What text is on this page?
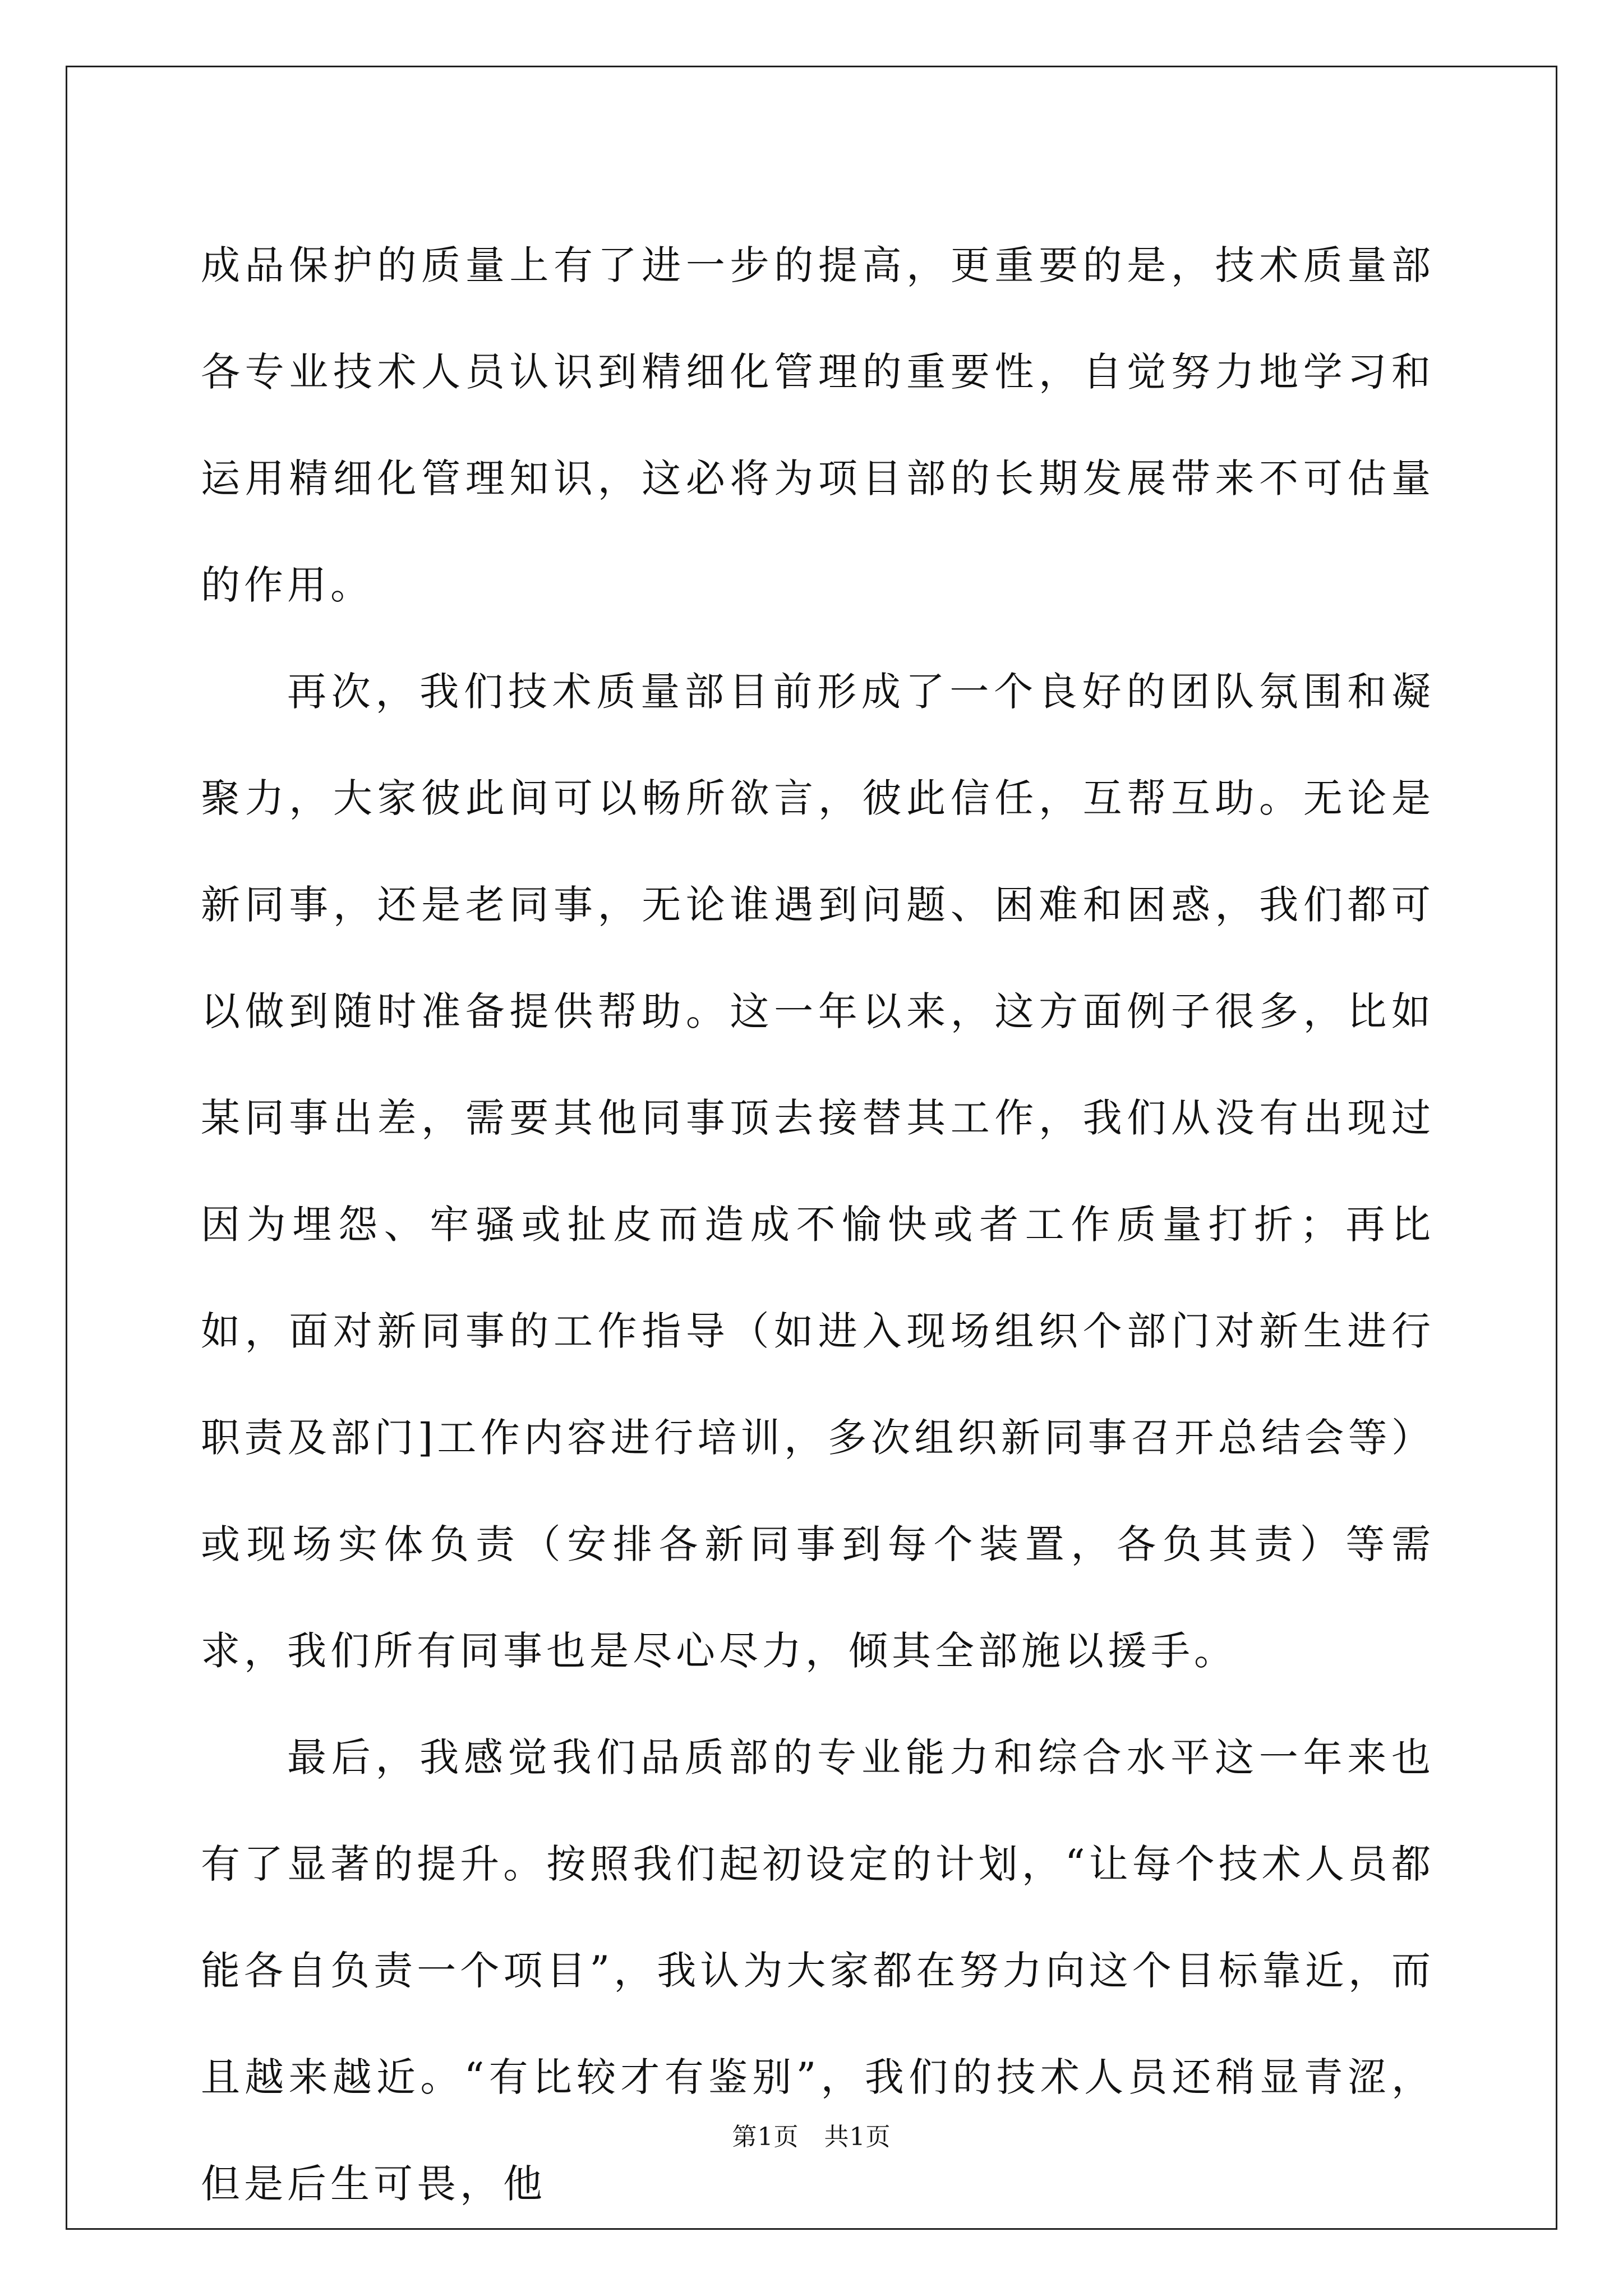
成品保护的质量上有了进一步的提高，更重要的是，技术质量部各专业技术人员认识到精细化管理的重要性，自觉努力地学习和运用精细化管理知识，这必将为项目部的长期发展带来不可估量的作用。

再次，我们技术质量部目前形成了一个良好的团队氛围和凝聚力，大家彼此间可以畅所欲言，彼此信任，互帮互助。无论是新同事，还是老同事，无论谁遇到问题、困难和困惑，我们都可以做到随时准备提供帮助。这一年以来，这方面例子很多，比如某同事出差，需要其他同事顶去接替其工作，我们从没有出现过因为埋怨、牢骚或扯皮而造成不愉快或者工作质量打折；再比如，面对新同事的工作指导（如进入现场组织个部门对新生进行职责及部门]工作内容进行培训，多次组织新同事召开总结会等）或现场实体负责（安排各新同事到每个装置，各负其责）等需求，我们所有同事也是尽心尽力，倾其全部施以援手。

最后，我感觉我们品质部的专业能力和综合水平这一年来也有了显著的提升。按照我们起初设定的计划，“让每个技术人员都能各自负责一个项目”，我认为大家都在努力向这个目标靠近，而且越来越近。“有比较才有鉴别”，我们的技术人员还稍显青涩，但是后生可畏，他

第1页 共1页
